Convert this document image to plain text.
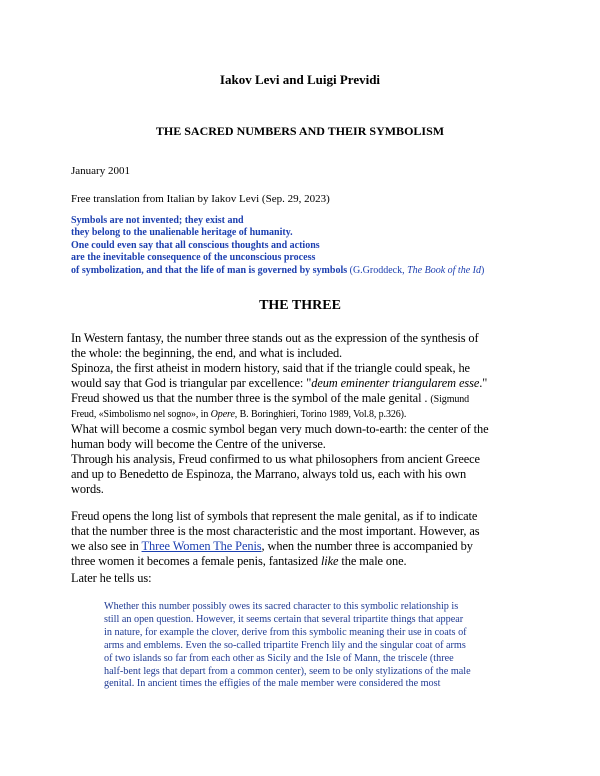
Iakov Levi and Luigi Previdi
THE SACRED NUMBERS AND THEIR SYMBOLISM
January 2001
Free translation from Italian by Iakov Levi (Sep. 29, 2023)
Symbols are not invented; they exist and
they belong to the unalienable heritage of humanity.
One could even say that all conscious thoughts and actions
are the inevitable consequence of the unconscious process
of symbolization, and that the life of man is governed by symbols (G.Groddeck, The Book of the Id)
THE THREE
In Western fantasy, the number three stands out as the expression of the synthesis of
the whole: the beginning, the end, and what is included.
Spinoza, the first atheist in modern history, said that if the triangle could speak, he
would say that God is triangular par excellence: "deum eminenter triangularem esse."
Freud showed us that the number three is the symbol of the male genital . (Sigmund
Freud, «Simbolismo nel sogno», in Opere, B. Boringhieri, Torino 1989, Vol.8, p.326).
What will become a cosmic symbol began very much down-to-earth: the center of the
human body will become the Centre of the universe.
Through his analysis, Freud confirmed to us what philosophers from ancient Greece
and up to Benedetto de Espinoza, the Marrano, always told us, each with his own
words.
Freud opens the long list of symbols that represent the male genital, as if to indicate
that the number three is the most characteristic and the most important. However, as
we also see in Three Women The Penis, when the number three is accompanied by
three women it becomes a female penis, fantasized like the male one.
Later he tells us:
Whether this number possibly owes its sacred character to this symbolic relationship is
still an open question. However, it seems certain that several tripartite things that appear
in nature, for example the clover, derive from this symbolic meaning their use in coats of
arms and emblems. Even the so-called tripartite French lily and the singular coat of arms
of two islands so far from each other as Sicily and the Isle of Mann, the triscele (three
half-bent legs that depart from a common center), seem to be only stylizations of the male
genital. In ancient times the effigies of the male member were considered the most
